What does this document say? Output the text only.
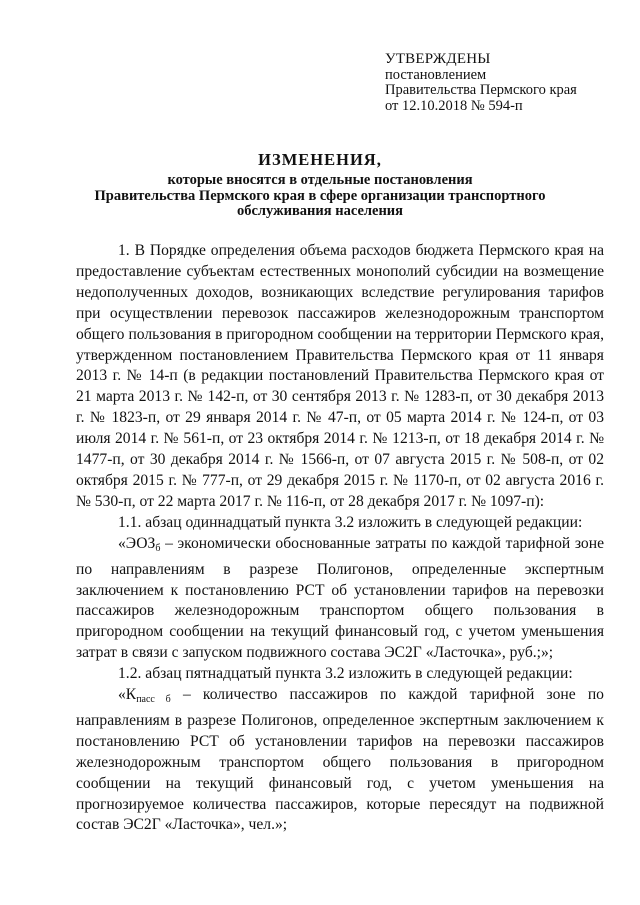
УТВЕРЖДЕНЫ
постановлением
Правительства Пермского края
от 12.10.2018 № 594-п
ИЗМЕНЕНИЯ,
которые вносятся в отдельные постановления
Правительства Пермского края в сфере организации транспортного
обслуживания населения

1. В Порядке определения объема расходов бюджета Пермского края на предоставление субъектам естественных монополий субсидии на возмещение недополученных доходов, возникающих вследствие регулирования тарифов при осуществлении перевозок пассажиров железнодорожным транспортом общего пользования в пригородном сообщении на территории Пермского края, утвержденном постановлением Правительства Пермского края от 11 января 2013 г. № 14-п (в редакции постановлений Правительства Пермского края от 21 марта 2013 г. № 142-п, от 30 сентября 2013 г. № 1283-п, от 30 декабря 2013 г. № 1823-п, от 29 января 2014 г. № 47-п, от 05 марта 2014 г. № 124-п, от 03 июля 2014 г. № 561-п, от 23 октября 2014 г. № 1213-п, от 18 декабря 2014 г. № 1477-п, от 30 декабря 2014 г. № 1566-п, от 07 августа 2015 г. № 508-п, от 02 октября 2015 г. № 777-п, от 29 декабря 2015 г. № 1170-п, от 02 августа 2016 г. № 530-п, от 22 марта 2017 г. № 116-п, от 28 декабря 2017 г. № 1097-п):

1.1. абзац одиннадцатый пункта 3.2 изложить в следующей редакции:

«ЭОЗб – экономически обоснованные затраты по каждой тарифной зоне по направлениям в разрезе Полигонов, определенные экспертным заключением к постановлению РСТ об установлении тарифов на перевозки пассажиров железнодорожным транспортом общего пользования в пригородном сообщении на текущий финансовый год, с учетом уменьшения затрат в связи с запуском подвижного состава ЭС2Г «Ласточка», руб.;»;

1.2. абзац пятнадцатый пункта 3.2 изложить в следующей редакции:

«Кпасс б – количество пассажиров по каждой тарифной зоне по направлениям в разрезе Полигонов, определенное экспертным заключением к постановлению РСТ об установлении тарифов на перевозки пассажиров железнодорожным транспортом общего пользования в пригородном сообщении на текущий финансовый год, с учетом уменьшения на прогнозируемое количества пассажиров, которые пересядут на подвижной состав ЭС2Г «Ласточка», чел.»;
